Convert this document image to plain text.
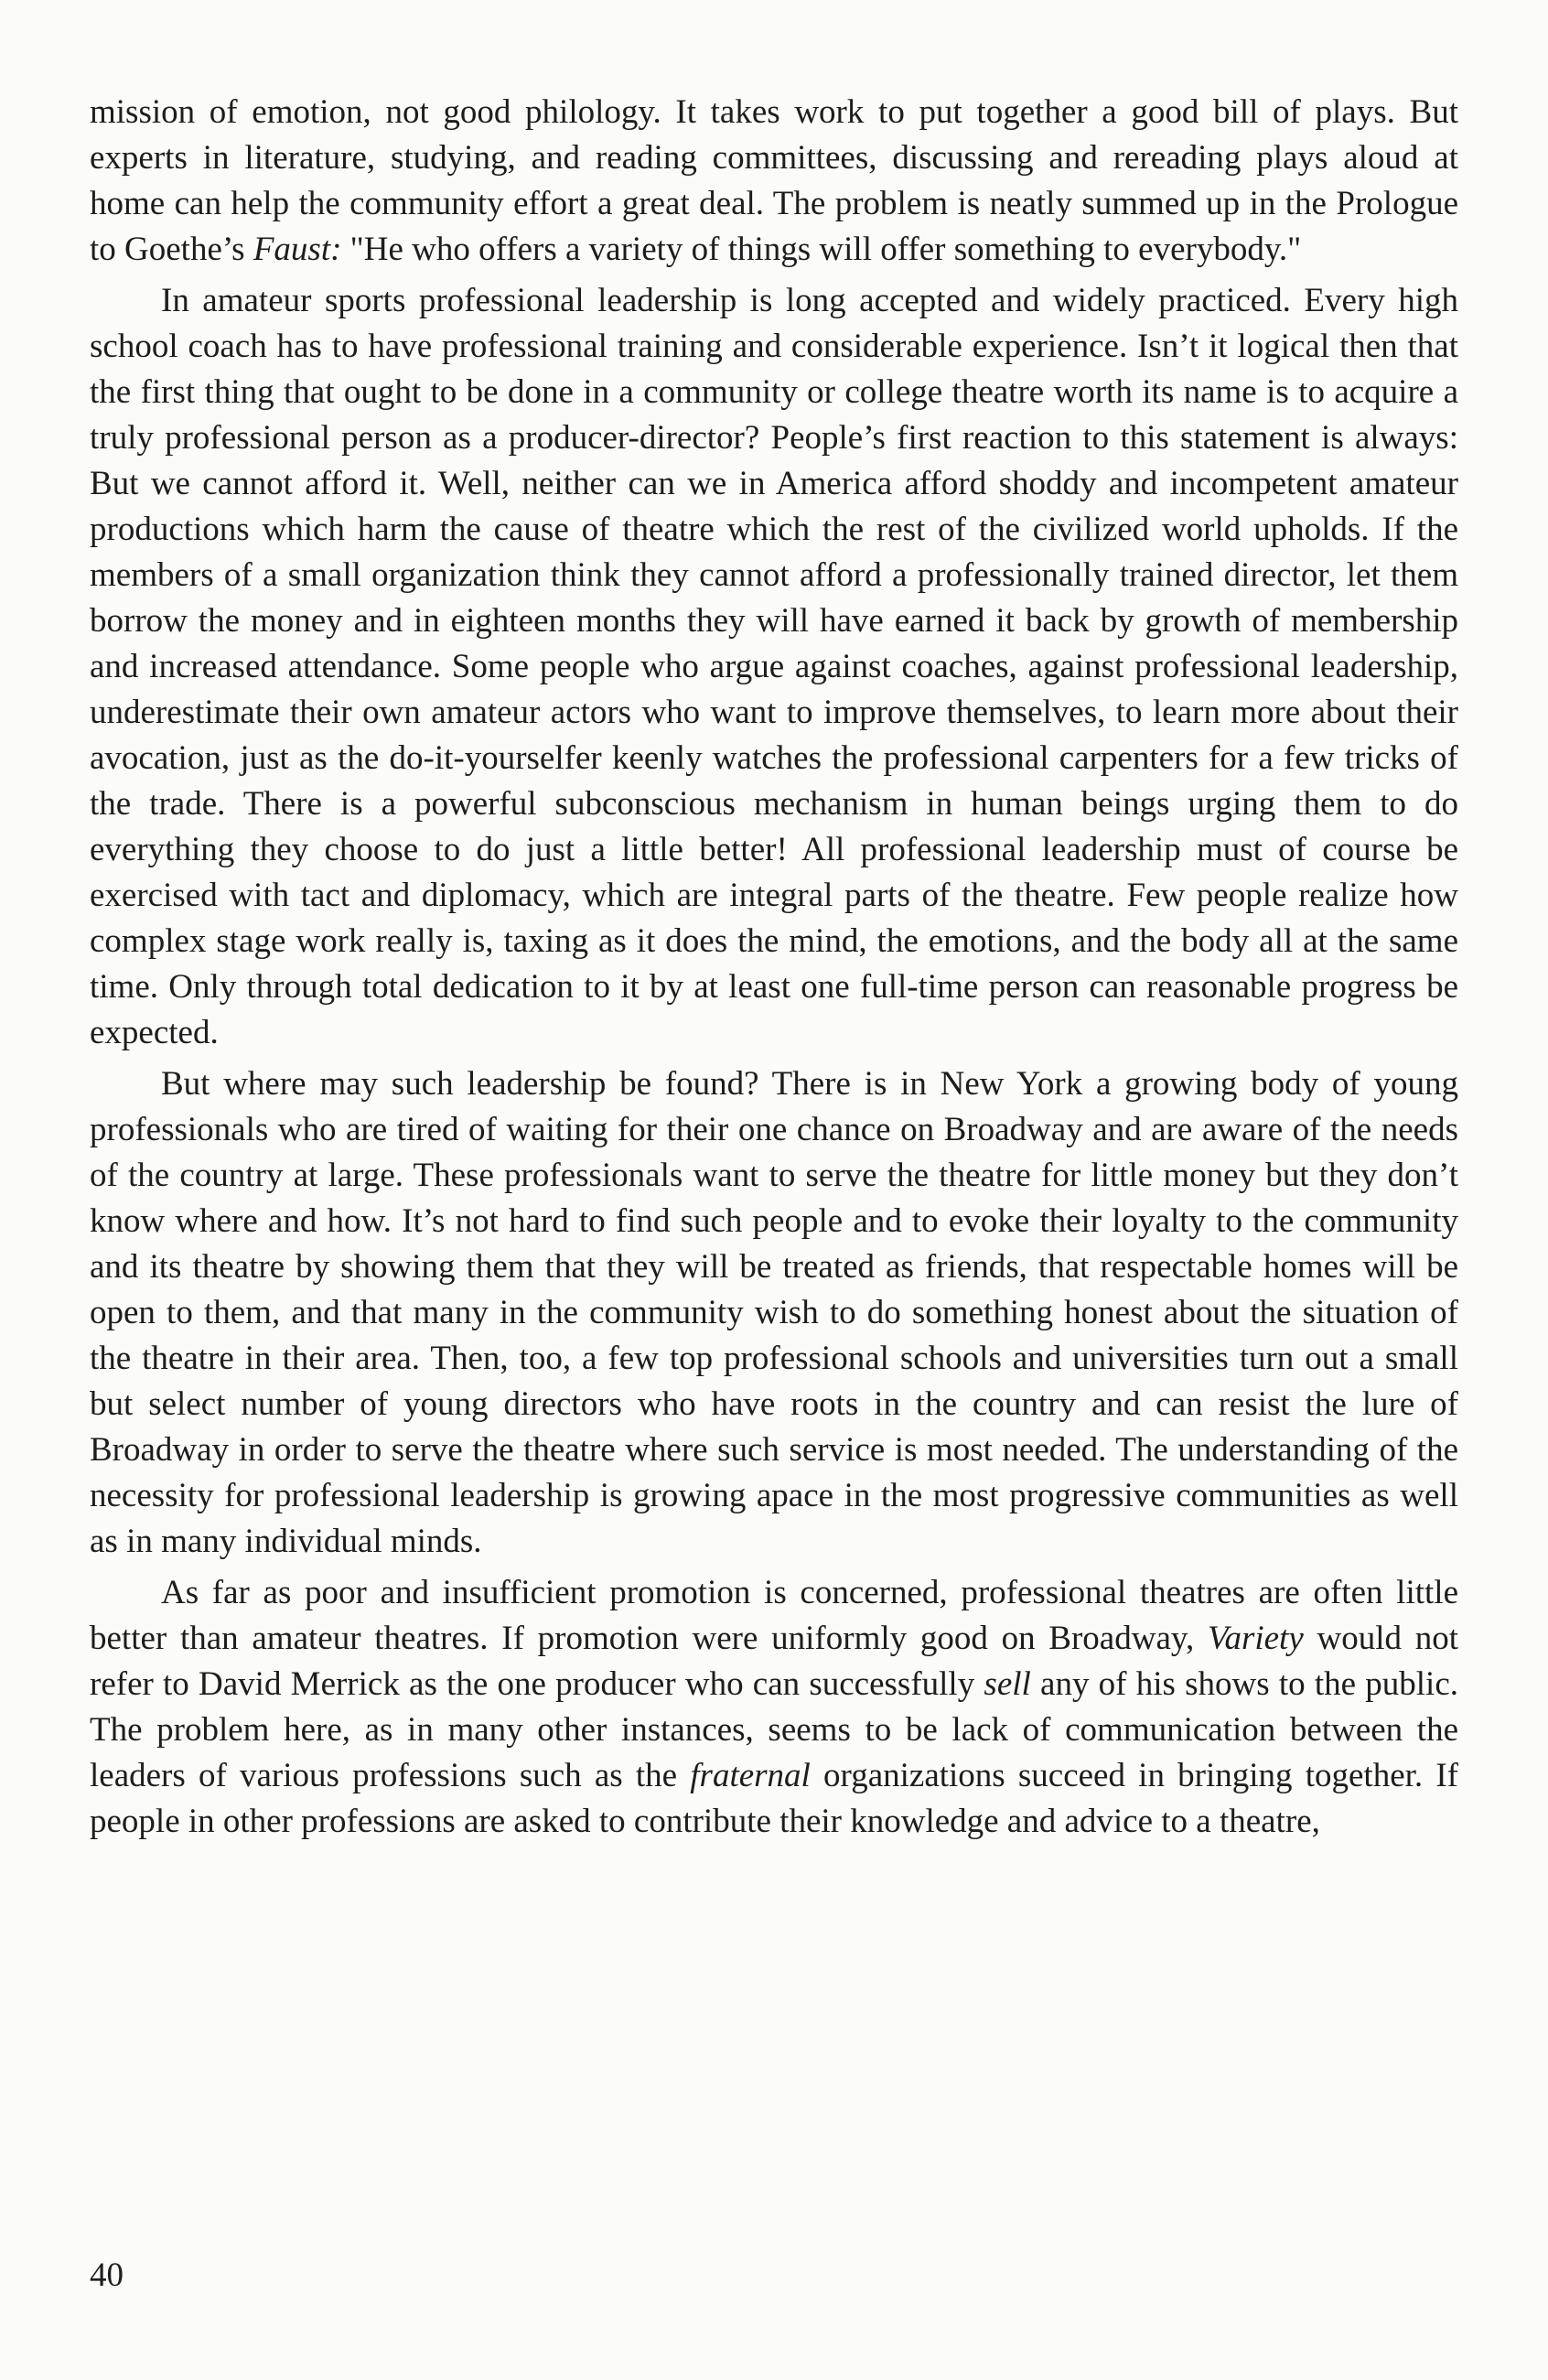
mission of emotion, not good philology. It takes work to put together a good bill of plays. But experts in literature, studying, and reading committees, discussing and rereading plays aloud at home can help the community effort a great deal. The problem is neatly summed up in the Prologue to Goethe’s Faust: "He who offers a variety of things will offer something to everybody."

In amateur sports professional leadership is long accepted and widely practiced. Every high school coach has to have professional training and considerable experience. Isn’t it logical then that the first thing that ought to be done in a community or college theatre worth its name is to acquire a truly professional person as a producer-director? People’s first reaction to this statement is always: But we cannot afford it. Well, neither can we in America afford shoddy and incompetent amateur productions which harm the cause of theatre which the rest of the civilized world upholds. If the members of a small organization think they cannot afford a professionally trained director, let them borrow the money and in eighteen months they will have earned it back by growth of membership and increased attendance. Some people who argue against coaches, against professional leadership, underestimate their own amateur actors who want to improve themselves, to learn more about their avocation, just as the do-it-yourselfer keenly watches the professional carpenters for a few tricks of the trade. There is a powerful subconscious mechanism in human beings urging them to do everything they choose to do just a little better! All professional leadership must of course be exercised with tact and diplomacy, which are integral parts of the theatre. Few people realize how complex stage work really is, taxing as it does the mind, the emotions, and the body all at the same time. Only through total dedication to it by at least one full-time person can reasonable progress be expected.

But where may such leadership be found? There is in New York a growing body of young professionals who are tired of waiting for their one chance on Broadway and are aware of the needs of the country at large. These professionals want to serve the theatre for little money but they don’t know where and how. It’s not hard to find such people and to evoke their loyalty to the community and its theatre by showing them that they will be treated as friends, that respectable homes will be open to them, and that many in the community wish to do something honest about the situation of the theatre in their area. Then, too, a few top professional schools and universities turn out a small but select number of young directors who have roots in the country and can resist the lure of Broadway in order to serve the theatre where such service is most needed. The understanding of the necessity for professional leadership is growing apace in the most progressive communities as well as in many individual minds.

As far as poor and insufficient promotion is concerned, professional theatres are often little better than amateur theatres. If promotion were uniformly good on Broadway, Variety would not refer to David Merrick as the one producer who can successfully sell any of his shows to the public. The problem here, as in many other instances, seems to be lack of communication between the leaders of various professions such as the fraternal organizations succeed in bringing together. If people in other professions are asked to contribute their knowledge and advice to a theatre,

40
